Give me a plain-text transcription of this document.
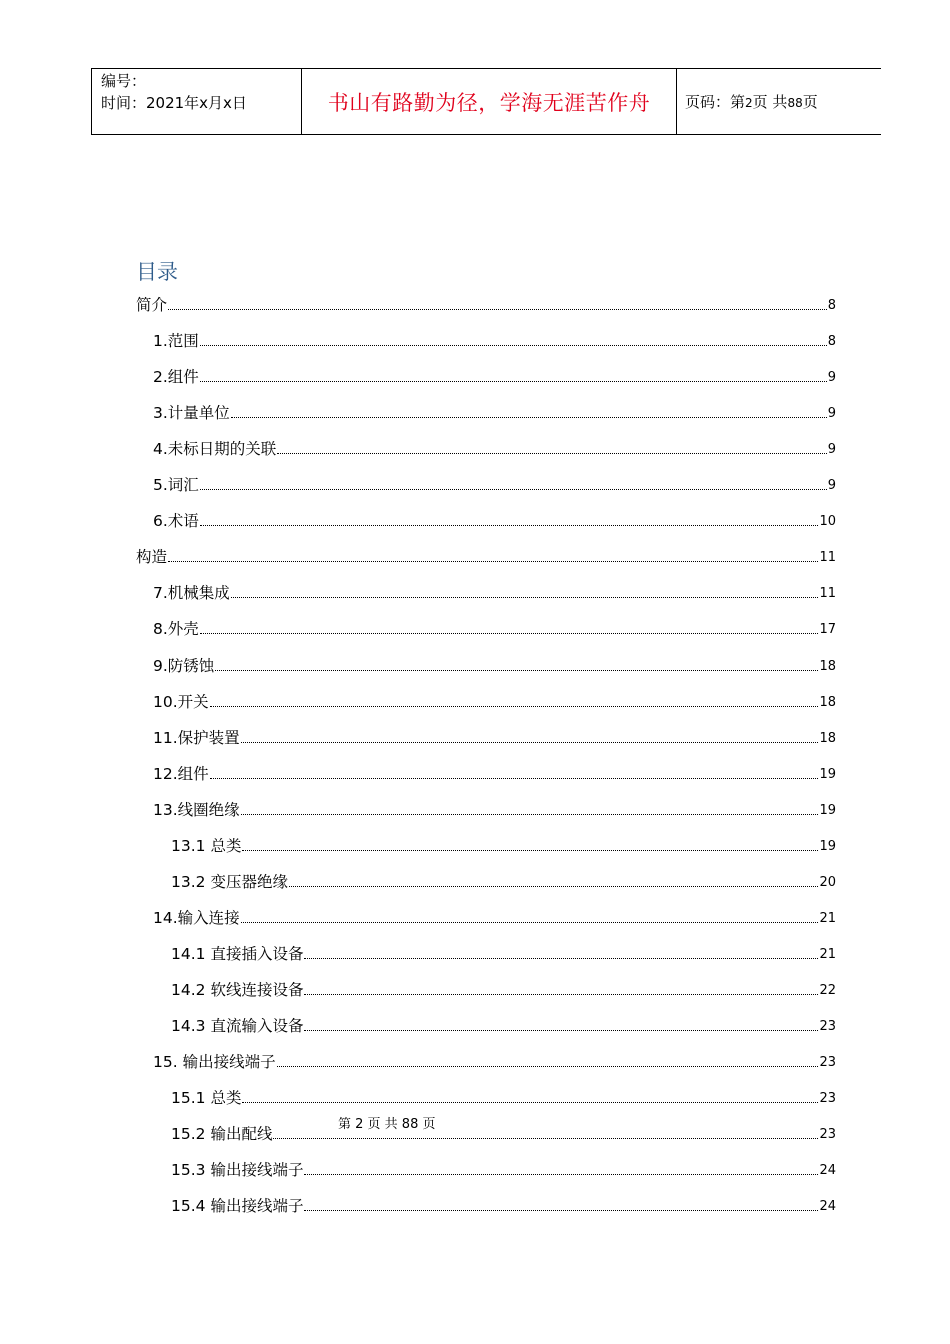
编号：
时间：2021年x月x日	书山有路勤为径，学海无涯苦作舟	页码：第2页 共88页
目录
简介	8
1.范围	8
2.组件	9
3.计量单位	9
4.未标日期的关联	9
5.词汇	9
6.术语	10
构造	11
7.机械集成	11
8.外壳	17
9.防锈蚀	18
10.开关	18
11.保护装置	18
12.组件	19
13.线圈绝缘	19
13.1 总类	19
13.2 变压器绝缘	20
14.输入连接	21
14.1 直接插入设备	21
14.2 软线连接设备	22
14.3 直流输入设备	23
15. 输出接线端子	23
15.1 总类	23
15.2 输出配线	23
15.3 输出接线端子	24
15.4 输出接线端子	24
第 2 页 共 88 页
